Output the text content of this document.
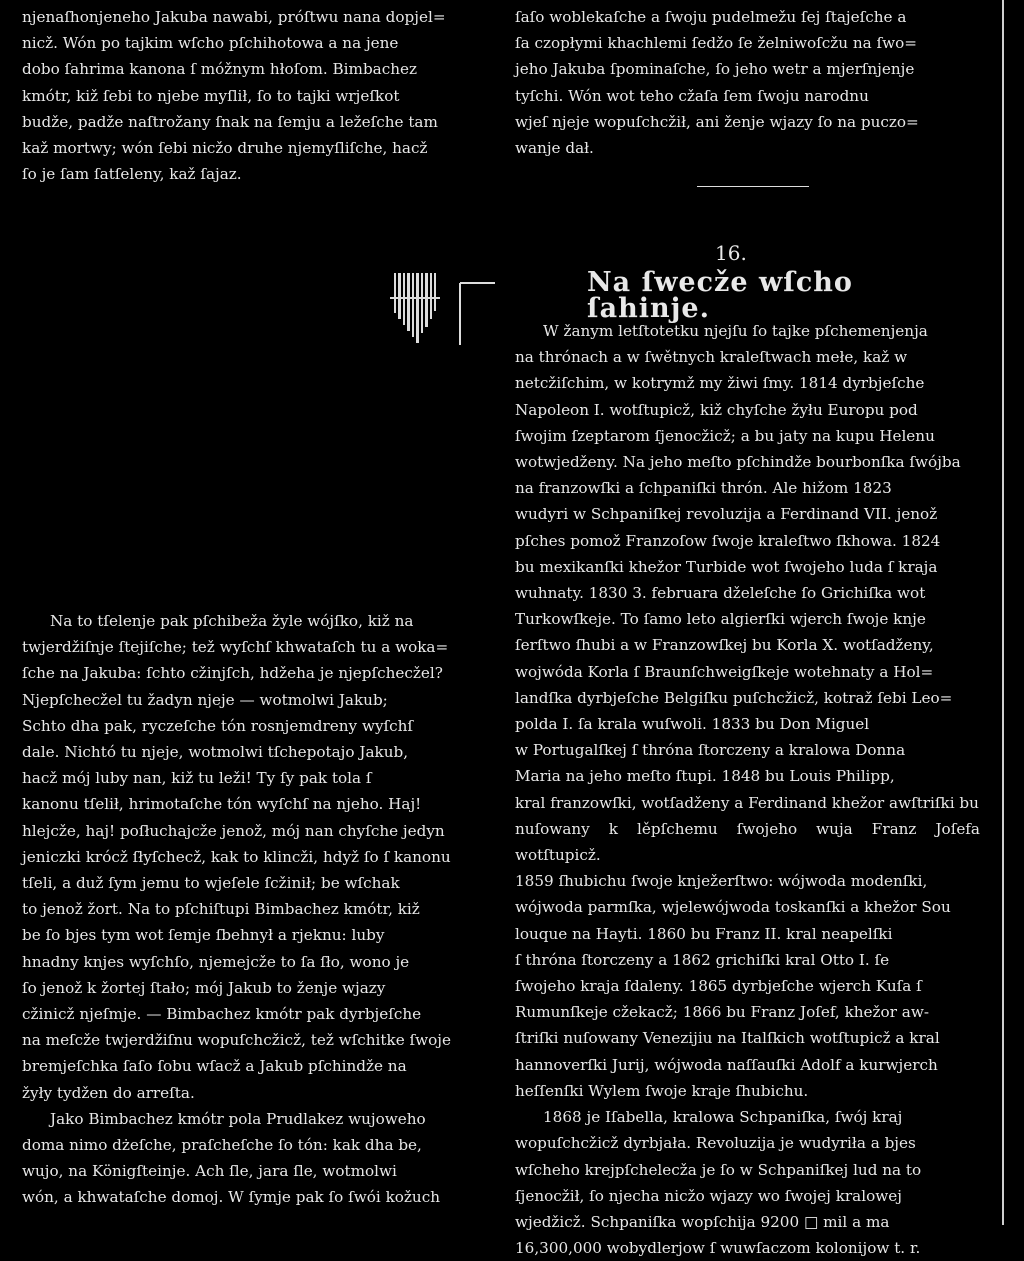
njenaſhonjeneho Jakuba nawabi, próſtwu nana dopjel=

nicž. Wón po tajkim wſcho pſchihotowa a na jene

dobo ſahrima kanona ſ móžnym hłoſom. Bimbachez

kmótr, kiž ſebi to njebe myſlił, ſo to tajki wrjeſkot

budže, padže naſtrožany ſnak na ſemju a ležeſche tam

kaž mortwy; wón ſebi nicžo druhe njemyſliſche, hacž

ſo je ſam ſatſeleny, kaž ſajaz.

Na to tſelenje pak pſchibeža žyle wójſko, kiž na

twjerdžiſnje ſtejiſche; tež wyſchſ khwataſch tu a woka=

ſche na Jakuba: ſchto cžinjſch, hdžeha je njepſchecžel?

Njepſchecžel tu žadyn njeje — wotmolwi Jakub;

Schto dha pak, ryczeſche tón rosnjemdreny wyſchſ

dale. Nichtó tu njeje, wotmolwi tſchepotajo Jakub,

hacž mój luby nan, kiž tu leži! Ty ſy pak tola ſ

kanonu tſelił, hrimotaſche tón wyſchſ na njeho. Haj!

hlejcže, haj! poſłuchajcže jenož, mój nan chyſche jedyn

jeniczki krócž ſłyſchecž, kak to klincži, hdyž ſo ſ kanonu

tſeli, a duž ſym jemu to wjeſele ſcžinił; be wſchak

to jenož žort. Na to pſchiſtupi Bimbachez kmótr, kiž

be ſo bjes tym wot ſemje ſbehnył a rjeknu: luby

hnadny knjes wyſchſo, njemejcže to ſa ſło, wono je

ſo jenož k žortej ſtało; mój Jakub to ženje wjazy

cžinicž njeſmje. — Bimbachez kmótr pak dyrbjeſche

na meſcže twjerdžiſnu wopuſchcžicž, tež wſchitke ſwoje

bremjeſchka ſaſo ſobu wſacž a Jakub pſchindže na

žyły tydžen do arreſta.

Jako Bimbachez kmótr pola Prudlakez wujoweho

doma nimo dżeſche, praſcheſche ſo tón: kak dha be,

wujo, na Königſteinje. Ach ſle, jara ſle, wotmolwi

wón, a khwataſche domoj. W ſymje pak ſo ſwói kožuch

ſaſo woblekaſche a ſwoju pudelmežu ſej ſtajeſche a

ſa czopłymi khachlemi ſedžo ſe želniwoſcžu na ſwo=

jeho Jakuba ſpominaſche, ſo jeho wetr a mjerſnjenje

tyſchi. Wón wot teho cžaſa ſem ſwoju narodnu

wjeſ njeje wopuſchcžił, ani ženje wjazy ſo na puczo=

wanje dał.

16.
Na ſwecže wſcho ſahinje.

W žanym letſtotetku njejſu ſo tajke pſchemenjenja

na thrónach a w ſwětnych kraleſtwach mełe, kaž w

netcžiſchim, w kotrymž my žiwi ſmy. 1814 dyrbjeſche

Napoleon I. wotſtupicž, kiž chyſche žyłu Europu pod

ſwojim ſzeptarom ſjenocžicž; a bu jaty na kupu Helenu

wotwjedženy. Na jeho meſto pſchindže bourbonſka ſwójba

na franzowſki a ſchpaniſki thrón. Ale hižom 1823

wudyri w Schpaniſkej revoluzija a Ferdinand VII. jenož

pſches pomož Franzoſow ſwoje kraleſtwo ſkhowa. 1824

bu mexikanſki khežor Turbide wot ſwojeho luda ſ kraja

wuhnaty. 1830 3. februara dželeſche ſo Grichiſka wot

Turkowſkeje. To ſamo leto algierſki wjerch ſwoje knje

ſerſtwo ſhubi a w Franzowſkej bu Korla X. wotſadženy,

wojwóda Korla ſ Braunſchweigſkeje wotehnaty a Hol=

landſka dyrbjeſche Belgiſku puſchcžicž, kotraž ſebi Leo=

polda I. ſa krala wuſwoli. 1833 bu Don Miguel

w Portugalſkej ſ thróna ſtorczeny a kralowa Donna

Maria na jeho meſto ſtupi. 1848 bu Louis Philipp,

kral franzowſki, wotſadženy a Ferdinand khežor awſtriſki bu

nuſowany k lěpſchemu ſwojeho wuja Franz Joſefa wotſtupicž.

1859 ſhubichu ſwoje knježerſtwo: wójwoda modenſki,

wójwoda parmſka, wjelewójwoda toskanſki a khežor Sou

louque na Hayti. 1860 bu Franz II. kral neapelſki

ſ thróna ſtorczeny a 1862 grichiſki kral Otto I. ſe

ſwojeho kraja ſdaleny. 1865 dyrbjeſche wjerch Kuſa ſ

Rumunſkeje cžekacž; 1866 bu Franz Joſef, khežor aw-

ſtriſki nuſowany Venezijiu na Italſkich wotſtupicž a kral

hannoverſki Jurij, wójwoda naſſauſki Adolf a kurwjerch

heſſenſki Wylem ſwoje kraje ſhubichu.

1868 je Iſabella, kralowa Schpaniſka, ſwój kraj

wopuſchcžicž dyrbjała. Revoluzija je wudyriła a bjes

wſcheho krejpſchelecža je ſo w Schpaniſkej lud na to

ſjenocžił, ſo njecha nicžo wjazy wo ſwojej kralowej

wjedžicž. Schpaniſka wopſchija 9200 □ mil a ma

16,300,000 wobydlerjow ſ wuwſaczom kolonijow t. r.
